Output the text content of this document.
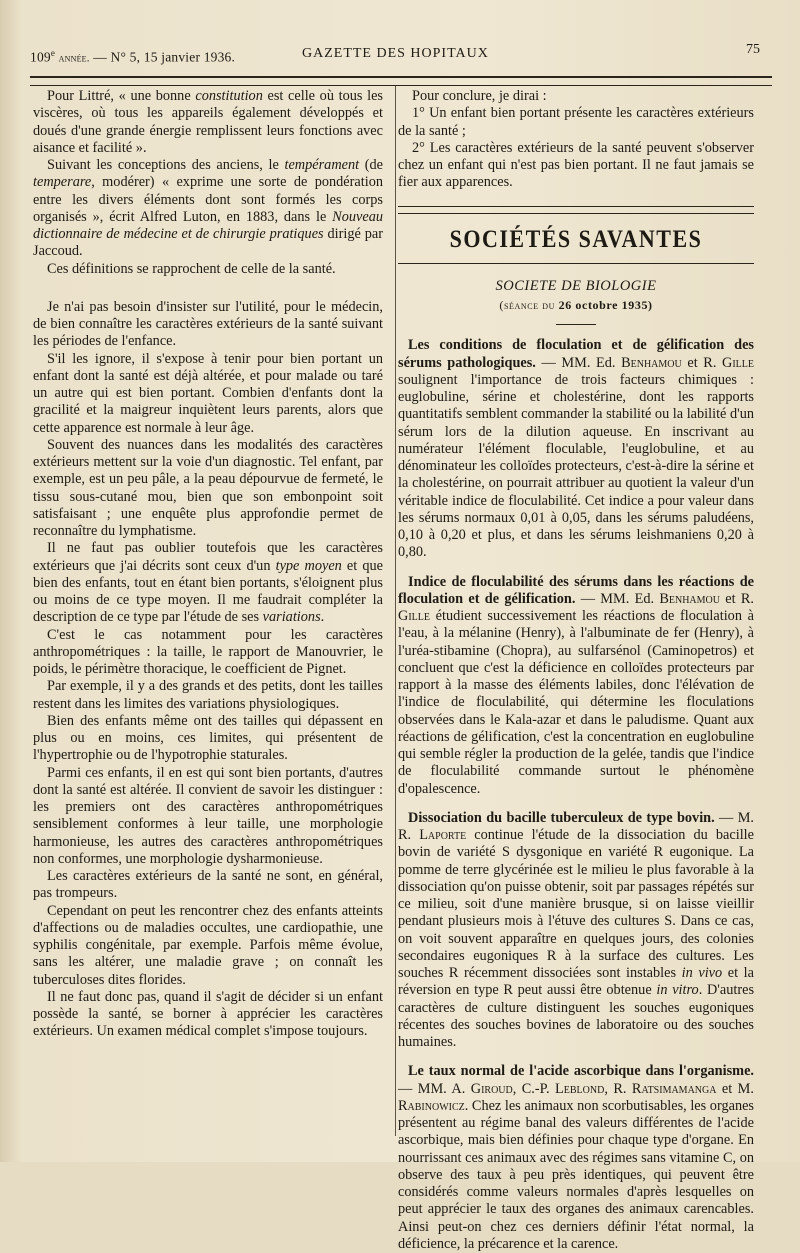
109e année. — N° 5, 15 janvier 1936.	GAZETTE DES HOPITAUX	75

Pour Littré, « une bonne constitution est celle où tous les viscères, où tous les appareils également développés et doués d'une grande énergie remplissent leurs fonctions avec aisance et facilité ».

Suivant les conceptions des anciens, le tempérament (de temperare, modérer) « exprime une sorte de pondération entre les divers éléments dont sont formés les corps organisés », écrit Alfred Luton, en 1883, dans le Nouveau dictionnaire de médecine et de chirurgie pratiques dirigé par Jaccoud.

Ces définitions se rapprochent de celle de la santé.

Je n'ai pas besoin d'insister sur l'utilité, pour le médecin, de bien connaître les caractères extérieurs de la santé suivant les périodes de l'enfance.

S'il les ignore, il s'expose à tenir pour bien portant un enfant dont la santé est déjà altérée, et pour malade ou taré un autre qui est bien portant. Combien d'enfants dont la gracilité et la maigreur inquiètent leurs parents, alors que cette apparence est normale à leur âge.

Souvent des nuances dans les modalités des caractères extérieurs mettent sur la voie d'un diagnostic. Tel enfant, par exemple, est un peu pâle, a la peau dépourvue de fermeté, le tissu sous-cutané mou, bien que son embonpoint soit satisfaisant ; une enquête plus approfondie permet de reconnaître du lymphatisme.

Il ne faut pas oublier toutefois que les caractères extérieurs que j'ai décrits sont ceux d'un type moyen et que bien des enfants, tout en étant bien portants, s'éloignent plus ou moins de ce type moyen. Il me faudrait compléter la description de ce type par l'étude de ses variations.

C'est le cas notamment pour les caractères anthropométriques : la taille, le rapport de Manouvrier, le poids, le périmètre thoracique, le coefficient de Pignet.

Par exemple, il y a des grands et des petits, dont les tailles restent dans les limites des variations physiologiques.

Bien des enfants même ont des tailles qui dépassent en plus ou en moins, ces limites, qui présentent de l'hypertrophie ou de l'hypotrophie staturales.

Parmi ces enfants, il en est qui sont bien portants, d'autres dont la santé est altérée. Il convient de savoir les distinguer : les premiers ont des caractères anthropométriques sensiblement conformes à leur taille, une morphologie harmonieuse, les autres des caractères anthropométriques non conformes, une morphologie dysharmonieuse.

Les caractères extérieurs de la santé ne sont, en général, pas trompeurs.

Cependant on peut les rencontrer chez des enfants atteints d'affections ou de maladies occultes, une cardiopathie, une syphilis congénitale, par exemple. Parfois même évolue, sans les altérer, une maladie grave ; on connaît les tuberculoses dites florides.

Il ne faut donc pas, quand il s'agit de décider si un enfant possède la santé, se borner à apprécier les caractères extérieurs. Un examen médical complet s'impose toujours.

Pour conclure, je dirai :

1° Un enfant bien portant présente les caractères extérieurs de la santé ;

2° Les caractères extérieurs de la santé peuvent s'observer chez un enfant qui n'est pas bien portant. Il ne faut jamais se fier aux apparences.

SOCIÉTÉS SAVANTES
SOCIETE DE BIOLOGIE
(séance du 26 octobre 1935)

Les conditions de floculation et de gélification des sérums pathologiques. — MM. Ed. Benhamou et R. Gille soulignent l'importance de trois facteurs chimiques : euglobuline, sérine et cholestérine, dont les rapports quantitatifs semblent commander la stabilité ou la labilité d'un sérum lors de la dilution aqueuse. En inscrivant au numérateur l'élément floculable, l'euglobuline, et au dénominateur les colloïdes protecteurs, c'est-à-dire la sérine et la cholestérine, on pourrait attribuer au quotient la valeur d'un véritable indice de floculabilité. Cet indice a pour valeur dans les sérums normaux 0,01 à 0,05, dans les sérums paludéens, 0,10 à 0,20 et plus, et dans les sérums leishmaniens 0,20 à 0,80.

Indice de floculabilité des sérums dans les réactions de floculation et de gélification. — MM. Ed. Benhamou et R. Gille étudient successivement les réactions de floculation à l'eau, à la mélanine (Henry), à l'albuminate de fer (Henry), à l'uréa-stibamine (Chopra), au sulfarsénol (Caminopetros) et concluent que c'est la déficience en colloïdes protecteurs par rapport à la masse des éléments labiles, donc l'élévation de l'indice de floculabilité, qui détermine les floculations observées dans le Kala-azar et dans le paludisme. Quant aux réactions de gélification, c'est la concentration en euglobuline qui semble régler la production de la gelée, tandis que l'indice de floculabilité commande surtout le phénomène d'opalescence.

Dissociation du bacille tuberculeux de type bovin. — M. R. Laporte continue l'étude de la dissociation du bacille bovin de variété S dysgonique en variété R eugonique. La pomme de terre glycérinée est le milieu le plus favorable à la dissociation qu'on puisse obtenir, soit par passages répétés sur ce milieu, soit d'une manière brusque, si on laisse vieillir pendant plusieurs mois à l'étuve des cultures S. Dans ce cas, on voit souvent apparaître en quelques jours, des colonies secondaires eugoniques R à la surface des cultures. Les souches R récemment dissociées sont instables in vivo et la réversion en type R peut aussi être obtenue in vitro. D'autres caractères de culture distinguent les souches eugoniques récentes des souches bovines de laboratoire ou des souches humaines.

Le taux normal de l'acide ascorbique dans l'organisme. — MM. A. Giroud, C.-P. Leblond, R. Ratsimamanga et M. Rabinowicz. Chez les animaux non scorbutisables, les organes présentent au régime banal des valeurs différentes de l'acide ascorbique, mais bien définies pour chaque type d'organe. En nourrissant ces animaux avec des régimes sans vitamine C, on observe des taux à peu près identiques, qui peuvent être considérés comme valeurs normales d'après lesquelles on peut apprécier le taux des organes des animaux carencables. Ainsi peut-on chez ces derniers définir l'état normal, la déficience, la précarence et la carence.
